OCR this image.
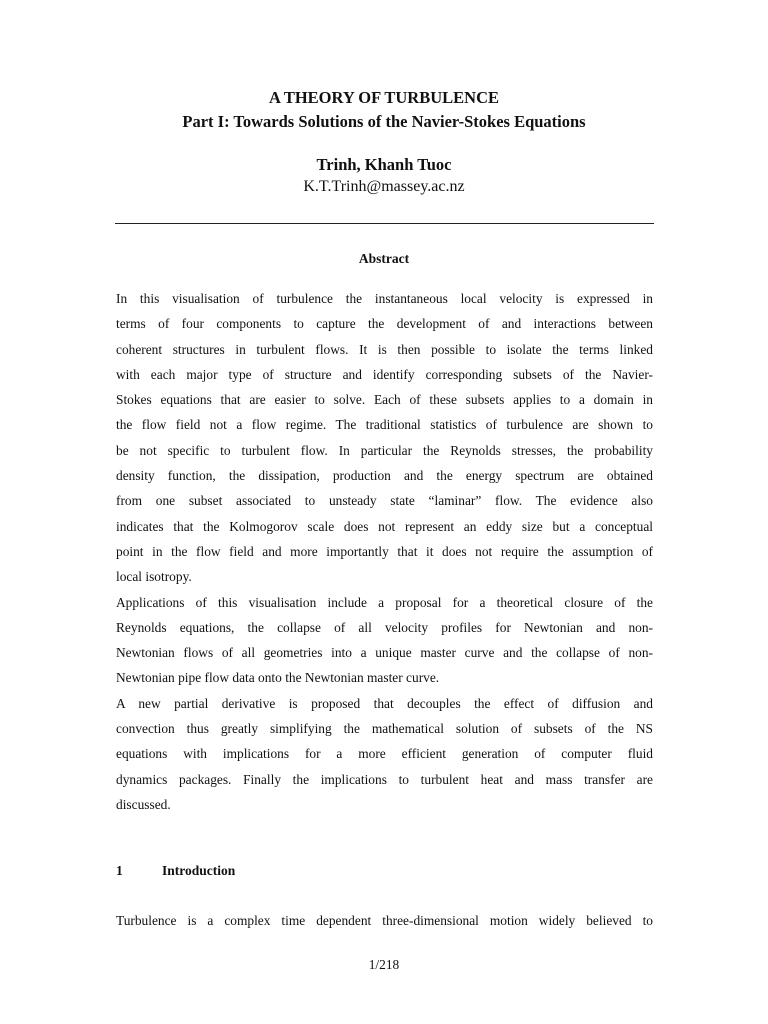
A THEORY OF TURBULENCE
Part I: Towards Solutions of the Navier-Stokes Equations
Trinh, Khanh Tuoc
K.T.Trinh@massey.ac.nz
Abstract
In this visualisation of turbulence the instantaneous local velocity is expressed in
terms of four components to capture the development of and interactions between
coherent structures in turbulent flows. It is then possible to isolate the terms linked
with each major type of structure and identify corresponding subsets of the Navier-
Stokes equations that are easier to solve. Each of these subsets applies to a domain in
the flow field not a flow regime. The traditional statistics of turbulence are shown to
be not specific to turbulent flow. In particular the Reynolds stresses, the probability
density function, the dissipation, production and the energy spectrum are obtained
from one subset associated to unsteady state “laminar” flow. The evidence also
indicates that the Kolmogorov scale does not represent an eddy size but a conceptual
point in the flow field and more importantly that it does not require the assumption of
local isotropy.
Applications of this visualisation include a proposal for a theoretical closure of the
Reynolds equations, the collapse of all velocity profiles for Newtonian and non-
Newtonian flows of all geometries into a unique master curve and the collapse of non-
Newtonian pipe flow data onto the Newtonian master curve.
A new partial derivative is proposed that decouples the effect of diffusion and
convection thus greatly simplifying the mathematical solution of subsets of the NS
equations with implications for a more efficient generation of computer fluid
dynamics packages. Finally the implications to turbulent heat and mass transfer are
discussed.
1	Introduction
Turbulence is a complex time dependent three-dimensional motion widely believed to
1/218
